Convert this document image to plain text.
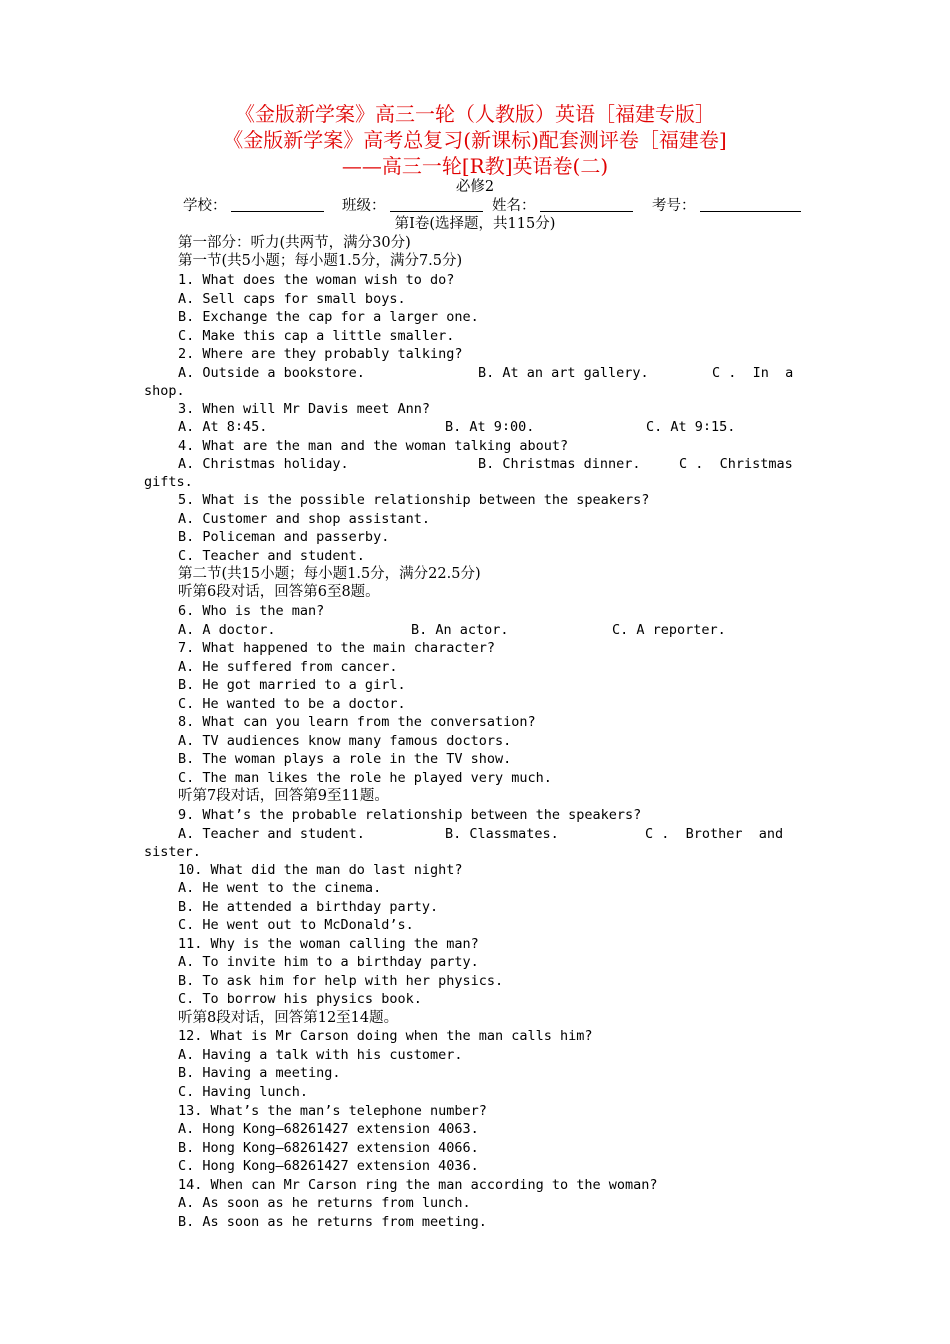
《金版新学案》高三一轮（人教版）英语［福建专版］
《金版新学案》高考总复习(新课标)配套测评卷［福建卷]
——高三一轮[R教]英语卷(二)
必修2

学校：

	班级：

	姓名：

	考号：

第Ⅰ卷(选择题，共115分)
第一部分：听力(共两节，满分30分)
第一节(共5小题；每小题1.5分，满分7.5分)
1. What does the woman wish to do?
A. Sell caps for small boys.
B. Exchange the cap for a larger one.
C. Make this cap a little smaller.
2. Where are they probably talking?

A. Outside a bookstore.

	B. At an art gallery.

	C .  In  a

shop.
3. When will Mr Davis meet Ann?

A. At 8∶45.

	B. At 9∶00.

	C. At 9∶15.

4. What are the man and the woman talking about?

A. Christmas holiday.

	B. Christmas dinner.

	C .  Christmas

gifts.
5. What is the possible relationship between the speakers?
A. Customer and shop assistant.
B. Policeman and passerby.
C. Teacher and student.
第二节(共15小题；每小题1.5分，满分22.5分)
听第6段对话，回答第6至8题。
6. Who is the man?

A. A doctor.

	B. An actor.

	C. A reporter.

7. What happened to the main character?
A. He suffered from cancer.
B. He got married to a girl.
C. He wanted to be a doctor.
8. What can you learn from the conversation?
A. TV audiences know many famous doctors.
B. The woman plays a role in the TV show.
C. The man likes the role he played very much.
听第7段对话，回答第9至11题。
9. What’s the probable relationship between the speakers?

A. Teacher and student.

	B. Classmates.

	C .  Brother  and

sister.
10. What did the man do last night?
A. He went to the cinema.
B. He attended a birthday party.
C. He went out to McDonald’s.
11. Why is the woman calling the man?
A. To invite him to a birthday party.
B. To ask him for help with her physics.
C. To borrow his physics book.
听第8段对话，回答第12至14题。
12. What is Mr Carson doing when the man calls him?
A. Having a talk with his customer.
B. Having a meeting.
C. Having lunch.
13. What’s the man’s telephone number?
A. Hong Kong—68261427 extension 4063.
B. Hong Kong—68261427 extension 4066.
C. Hong Kong—68261427 extension 4036.
14. When can Mr Carson ring the man according to the woman?
A. As soon as he returns from lunch.
B. As soon as he returns from meeting.
